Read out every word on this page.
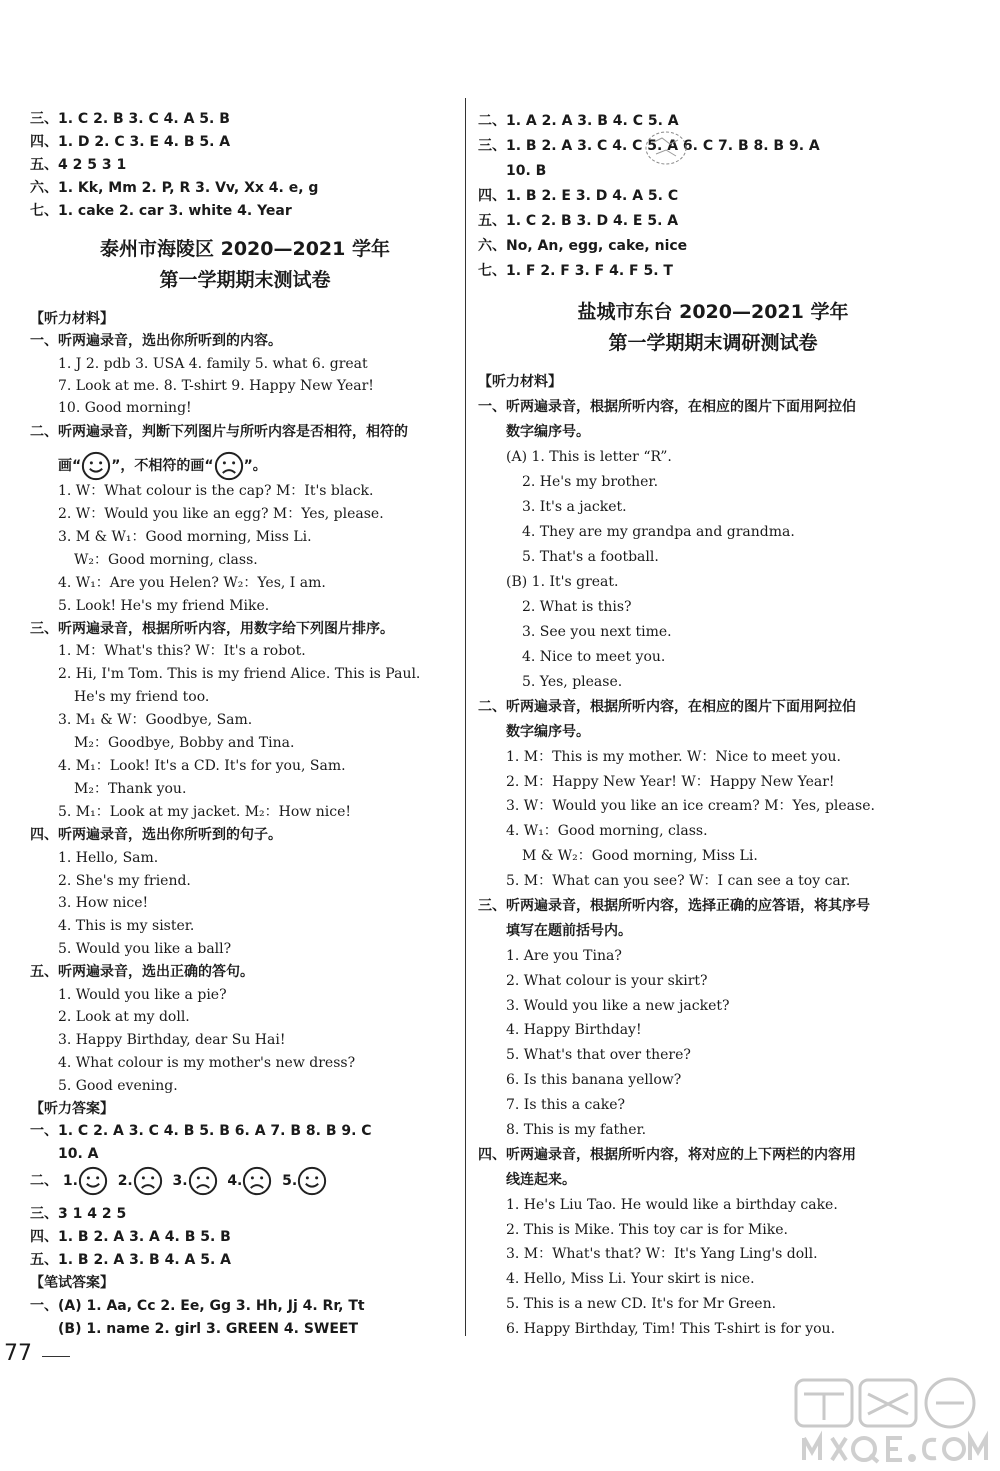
三、1. C 2. B 3. C 4. A 5. B
四、1. D 2. C 3. E 4. B 5. A
五、4 2 5 3 1
六、1. Kk, Mm 2. P, R 3. Vv, Xx 4. e, g
七、1. cake 2. car 3. white 4. Year
泰州市海陵区 2020—2021 学年
第一学期期末测试卷
【听力材料】
一、听两遍录音，选出你所听到的内容。
1. J 2. pdb 3. USA 4. family 5. what 6. great
7. Look at me. 8. T-shirt 9. Happy New Year!
10. Good morning!
二、听两遍录音，判断下列图片与所听内容是否相符，相符的
画“ ”，不相符的画“ ”。
1. W：What colour is the cap? M：It's black.
2. W：Would you like an egg? M：Yes, please.
3. M & W₁：Good morning, Miss Li.
W₂：Good morning, class.
4. W₁：Are you Helen? W₂：Yes, I am.
5. Look! He's my friend Mike.
三、听两遍录音，根据所听内容，用数字给下列图片排序。
1. M：What's this? W：It's a robot.
2. Hi, I'm Tom. This is my friend Alice. This is Paul.
He's my friend too.
3. M₁ & W：Goodbye, Sam.
M₂：Goodbye, Bobby and Tina.
4. M₁：Look! It's a CD. It's for you, Sam.
M₂：Thank you.
5. M₁：Look at my jacket. M₂：How nice!
四、听两遍录音，选出你所听到的句子。
1. Hello, Sam.
2. She's my friend.
3. How nice!
4. This is my sister.
5. Would you like a ball?
五、听两遍录音，选出正确的答句。
1. Would you like a pie?
2. Look at my doll.
3. Happy Birthday, dear Su Hai!
4. What colour is my mother's new dress?
5. Good evening.
【听力答案】
一、1. C 2. A 3. C 4. B 5. B 6. A 7. B 8. B 9. C
10. A
二、 1.	2.	3.	4.	5.
三、3 1 4 2 5
四、1. B 2. A 3. A 4. B 5. B
五、1. B 2. A 3. B 4. A 5. A
【笔试答案】
一、(A) 1. Aa, Cc 2. Ee, Gg 3. Hh, Jj 4. Rr, Tt
(B) 1. name 2. girl 3. GREEN 4. SWEET
二、1. A 2. A 3. B 4. C 5. A
三、1. B 2. A 3. C 4. C 5. A 6. C 7. B 8. B 9. A
10. B
四、1. B 2. E 3. D 4. A 5. C
五、1. C 2. B 3. D 4. E 5. A
六、No, An, egg, cake, nice
七、1. F 2. F 3. F 4. F 5. T
盐城市东台 2020—2021 学年
第一学期期末调研测试卷
【听力材料】
一、听两遍录音，根据所听内容，在相应的图片下面用阿拉伯
数字编序号。
(A) 1. This is letter “R”.
2. He's my brother.
3. It's a jacket.
4. They are my grandpa and grandma.
5. That's a football.
(B) 1. It's great.
2. What is this?
3. See you next time.
4. Nice to meet you.
5. Yes, please.
二、听两遍录音，根据所听内容，在相应的图片下面用阿拉伯
数字编序号。
1. M：This is my mother. W：Nice to meet you.
2. M：Happy New Year! W：Happy New Year!
3. W：Would you like an ice cream? M：Yes, please.
4. W₁：Good morning, class.
M & W₂：Good morning, Miss Li.
5. M：What can you see? W：I can see a toy car.
三、听两遍录音，根据所听内容，选择正确的应答语，将其序号
填写在题前括号内。
1. Are you Tina?
2. What colour is your skirt?
3. Would you like a new jacket?
4. Happy Birthday!
5. What's that over there?
6. Is this banana yellow?
7. Is this a cake?
8. This is my father.
四、听两遍录音，根据所听内容，将对应的上下两栏的内容用
线连起来。
1. He's Liu Tao. He would like a birthday cake.
2. This is Mike. This toy car is for Mike.
3. M：What's that? W：It's Yang Ling's doll.
4. Hello, Miss Li. Your skirt is nice.
5. This is a new CD. It's for Mr Green.
6. Happy Birthday, Tim! This T-shirt is for you.
77
